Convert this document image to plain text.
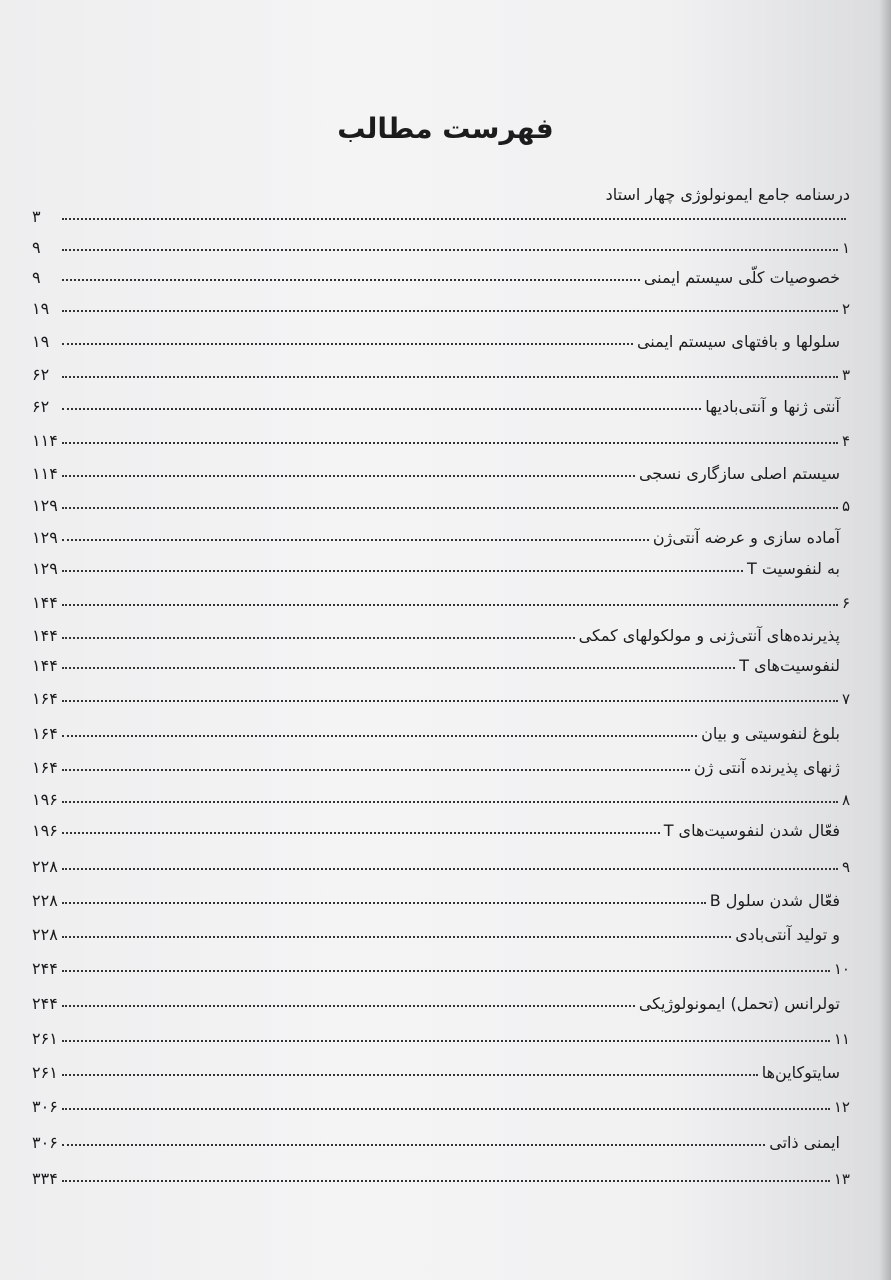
فهرست مطالب
درسنامه جامع ایمونولوژی چهار استاد
۳
۱
۹
خصوصیات کلّی سیستم ایمنی
۹
۲
۱۹
سلولها و بافتهای سیستم ایمنی
۱۹
۳
۶۲
آنتی ژنها و آنتی‌بادیها
۶۲
۴
۱۱۴
سیستم اصلی سازگاری نسجی
۱۱۴
۵
۱۲۹
آماده سازی و عرضه آنتی‌ژن
۱۲۹
به لنفوسیت T
۱۲۹
۶
۱۴۴
پذیرنده‌های آنتی‌ژنی و مولکولهای کمکی
۱۴۴
لنفوسیت‌های T
۱۴۴
۷
۱۶۴
بلوغ لنفوسیتی و بیان
۱۶۴
ژنهای پذیرنده آنتی ژن
۱۶۴
۸
۱۹۶
فعّال شدن لنفوسیت‌های T
۱۹۶
۹
۲۲۸
فعّال شدن سلول B
۲۲۸
و تولید آنتی‌بادی
۲۲۸
۱۰
۲۴۴
تولرانس (تحمل) ایمونولوژیکی
۲۴۴
۱۱
۲۶۱
سایتوکاین‌ها
۲۶۱
۱۲
۳۰۶
ایمنی ذاتی
۳۰۶
۱۳
۳۳۴
